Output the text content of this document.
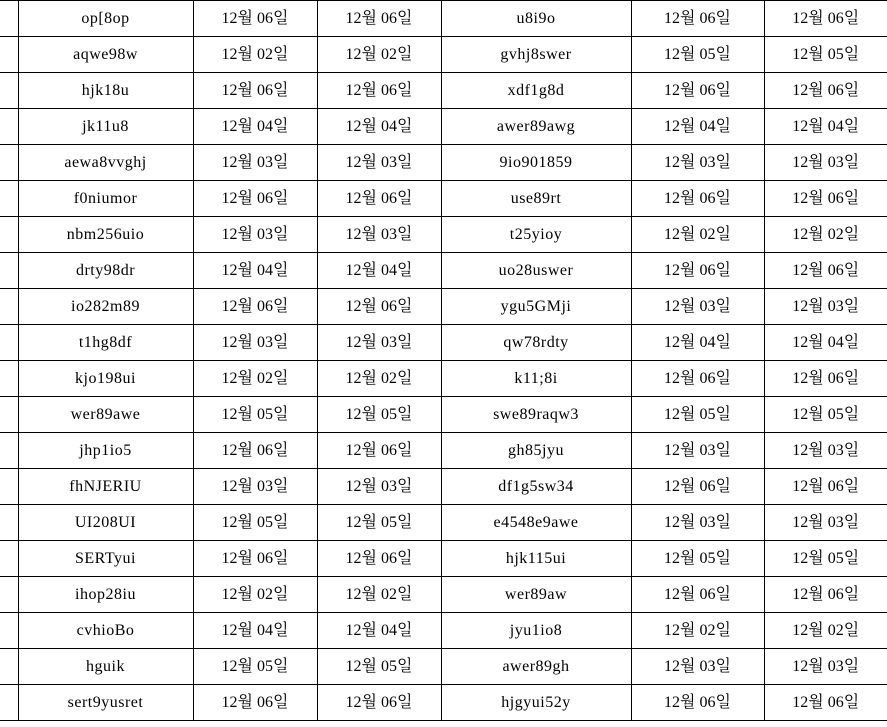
	op[8op	12월 06일	12월 06일	u8i9o	12월 06일	12월 06일
	aqwe98w	12월 02일	12월 02일	gvhj8swer	12월 05일	12월 05일
	hjk18u	12월 06일	12월 06일	xdf1g8d	12월 06일	12월 06일
	jk11u8	12월 04일	12월 04일	awer89awg	12월 04일	12월 04일
	aewa8vvghj	12월 03일	12월 03일	9io901859	12월 03일	12월 03일
	f0niumor	12월 06일	12월 06일	use89rt	12월 06일	12월 06일
	nbm256uio	12월 03일	12월 03일	t25yioy	12월 02일	12월 02일
	drty98dr	12월 04일	12월 04일	uo28uswer	12월 06일	12월 06일
	io282m89	12월 06일	12월 06일	ygu5GMji	12월 03일	12월 03일
	t1hg8df	12월 03일	12월 03일	qw78rdty	12월 04일	12월 04일
	kjo198ui	12월 02일	12월 02일	k11;8i	12월 06일	12월 06일
	wer89awe	12월 05일	12월 05일	swe89raqw3	12월 05일	12월 05일
	jhp1io5	12월 06일	12월 06일	gh85jyu	12월 03일	12월 03일
	fhNJERIU	12월 03일	12월 03일	df1g5sw34	12월 06일	12월 06일
	UI208UI	12월 05일	12월 05일	e4548e9awe	12월 03일	12월 03일
	SERTyui	12월 06일	12월 06일	hjk115ui	12월 05일	12월 05일
	ihop28iu	12월 02일	12월 02일	wer89aw	12월 06일	12월 06일
	cvhioBo	12월 04일	12월 04일	jyu1io8	12월 02일	12월 02일
	hguik	12월 05일	12월 05일	awer89gh	12월 03일	12월 03일
	sert9yusret	12월 06일	12월 06일	hjgyui52y	12월 06일	12월 06일
